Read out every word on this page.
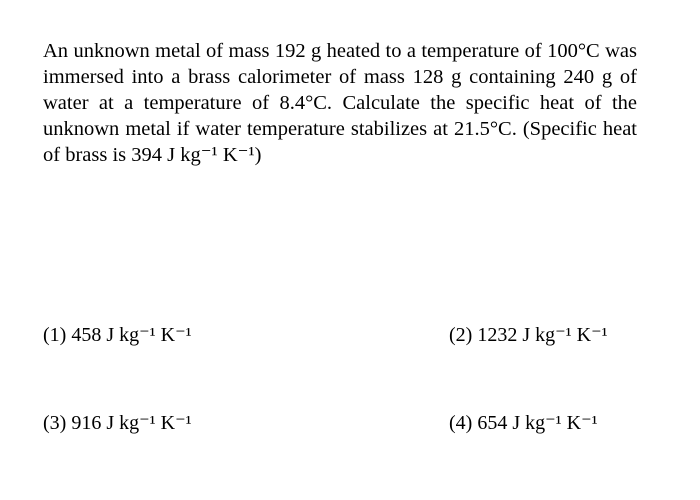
An unknown metal of mass 192 g heated to a temperature of 100°C was immersed into a brass calorimeter of mass 128 g containing 240 g of water at a temperature of 8.4°C. Calculate the specific heat of the unknown metal if water temperature stabilizes at 21.5°C. (Specific heat of brass is 394 J kg⁻¹ K⁻¹)

(1) 458 J kg⁻¹ K⁻¹	(2) 1232 J kg⁻¹ K⁻¹
(3) 916 J kg⁻¹ K⁻¹	(4) 654 J kg⁻¹ K⁻¹
